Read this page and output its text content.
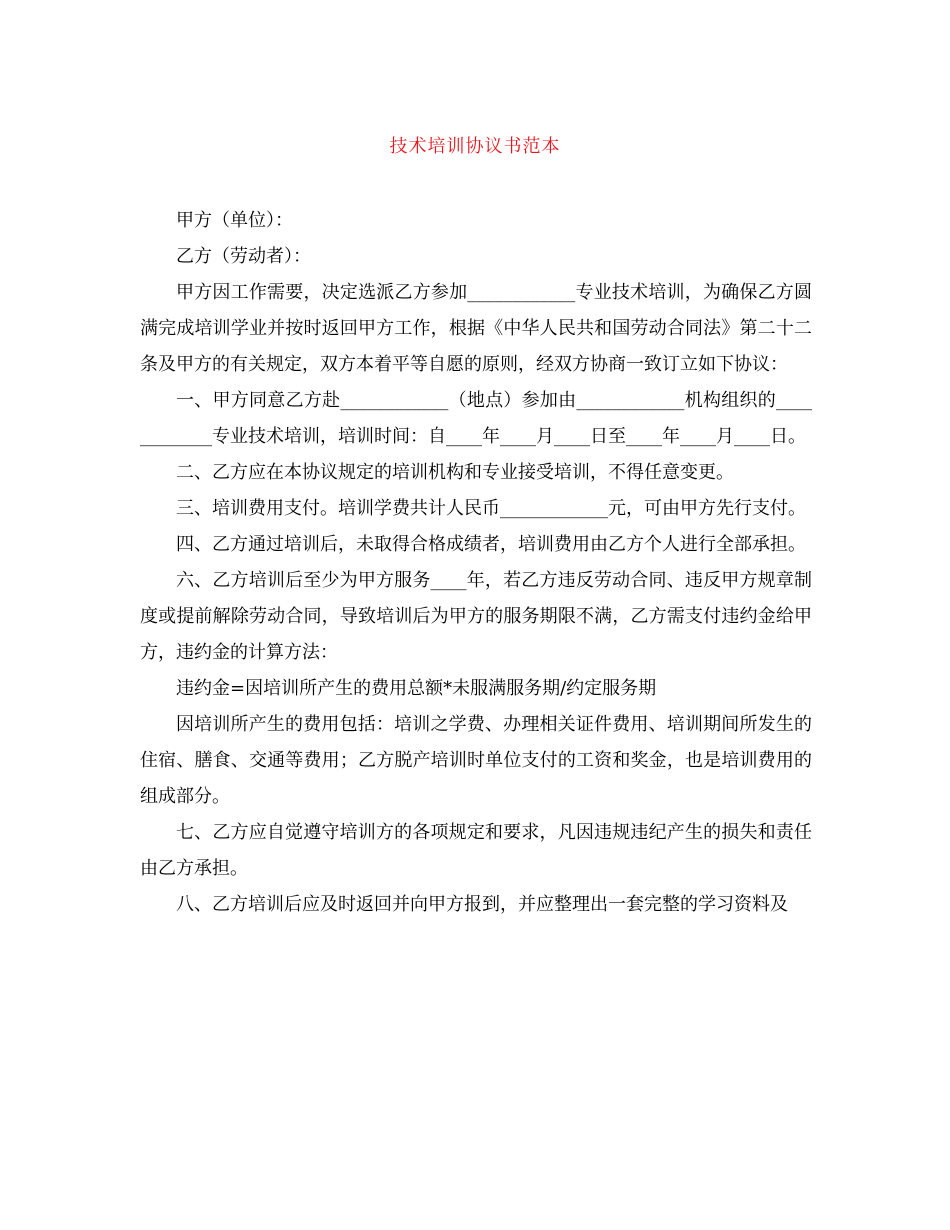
技术培训协议书范本

甲方（单位）：

乙方（劳动者）：

甲方因工作需要，决定选派乙方参加____________专业技术培训，为确保乙方圆满完成培训学业并按时返回甲方工作，根据《中华人民共和国劳动合同法》第二十二条及甲方的有关规定，双方本着平等自愿的原则，经双方协商一致订立如下协议：

一、甲方同意乙方赴____________（地点）参加由____________机构组织的____________专业技术培训，培训时间：自____年____月____日至____年____月____日。

二、乙方应在本协议规定的培训机构和专业接受培训，不得任意变更。

三、培训费用支付。培训学费共计人民币____________元，可由甲方先行支付。

四、乙方通过培训后，未取得合格成绩者，培训费用由乙方个人进行全部承担。

六、乙方培训后至少为甲方服务____年，若乙方违反劳动合同、违反甲方规章制度或提前解除劳动合同，导致培训后为甲方的服务期限不满，乙方需支付违约金给甲方，违约金的计算方法：

违约金=因培训所产生的费用总额*未服满服务期/约定服务期

因培训所产生的费用包括：培训之学费、办理相关证件费用、培训期间所发生的住宿、膳食、交通等费用；乙方脱产培训时单位支付的工资和奖金，也是培训费用的组成部分。

七、乙方应自觉遵守培训方的各项规定和要求，凡因违规违纪产生的损失和责任由乙方承担。

八、乙方培训后应及时返回并向甲方报到，并应整理出一套完整的学习资料及
